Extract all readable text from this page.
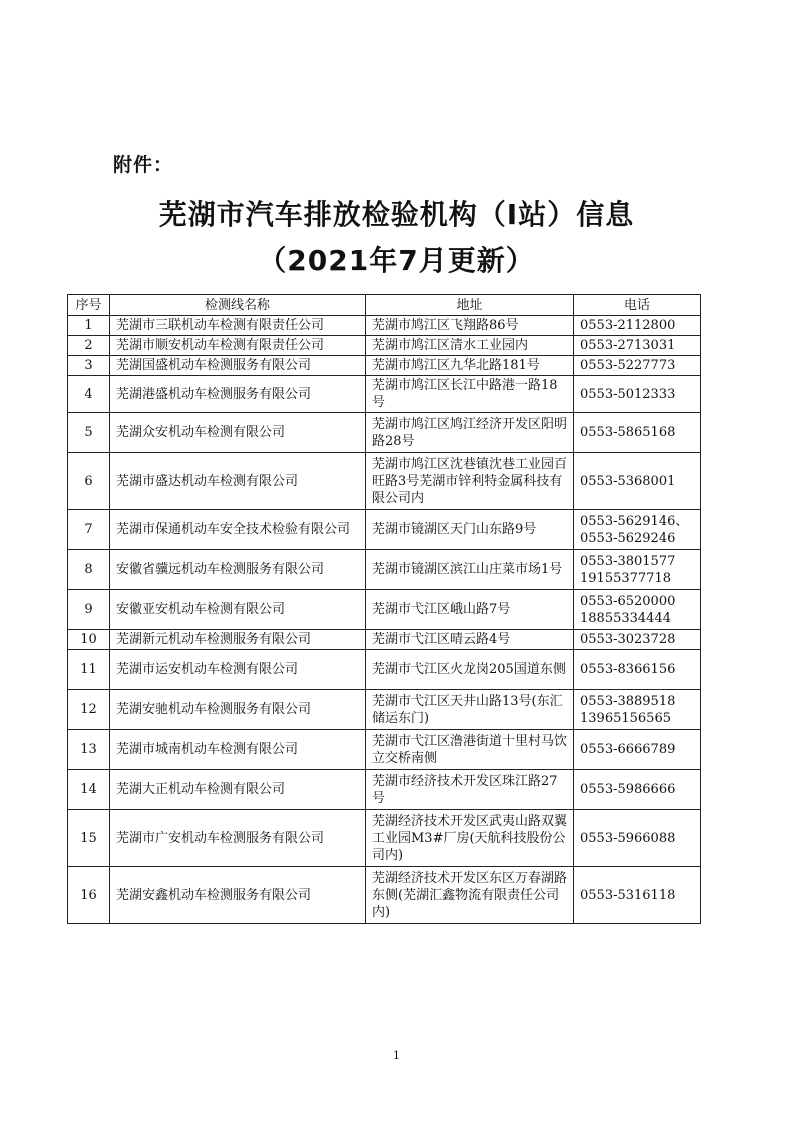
附件：
芜湖市汽车排放检验机构（I站）信息
（2021年7月更新）
序号	检测线名称	地址	电话
1	芜湖市三联机动车检测有限责任公司	芜湖市鸠江区飞翔路86号	0553-2112800
2	芜湖市顺安机动车检测有限责任公司	芜湖市鸠江区清水工业园内	0553-2713031
3	芜湖国盛机动车检测服务有限公司	芜湖市鸠江区九华北路181号	0553-5227773
4	芜湖港盛机动车检测服务有限公司	芜湖市鸠江区长江中路港一路18号	0553-5012333
5	芜湖众安机动车检测有限公司	芜湖市鸠江区鸠江经济开发区阳明路28号	0553-5865168
6	芜湖市盛达机动车检测有限公司	芜湖市鸠江区沈巷镇沈巷工业园百旺路3号芜湖市锌利特金属科技有限公司内	0553-5368001
7	芜湖市保通机动车安全技术检验有限公司	芜湖市镜湖区天门山东路9号	0553-5629146、0553-5629246
8	安徽省骥远机动车检测服务有限公司	芜湖市镜湖区滨江山庄菜市场1号	0553-3801577 19155377718
9	安徽亚安机动车检测有限公司	芜湖市弋江区峨山路7号	0553-6520000 18855334444
10	芜湖新元机动车检测服务有限公司	芜湖市弋江区晴云路4号	0553-3023728
11	芜湖市运安机动车检测有限公司	芜湖市弋江区火龙岗205国道东侧	0553-8366156
12	芜湖安驰机动车检测服务有限公司	芜湖市弋江区天井山路13号(东汇储运东门)	0553-3889518 13965156565
13	芜湖市城南机动车检测有限公司	芜湖市弋江区澛港街道十里村马饮立交桥南侧	0553-6666789
14	芜湖大正机动车检测有限公司	芜湖市经济技术开发区珠江路27号	0553-5986666
15	芜湖市广安机动车检测服务有限公司	芜湖经济技术开发区武夷山路双翼工业园M3#厂房(天航科技股份公司内)	0553-5966088
16	芜湖安鑫机动车检测服务有限公司	芜湖经济技术开发区东区万春湖路东侧(芜湖汇鑫物流有限责任公司内)	0553-5316118
1
